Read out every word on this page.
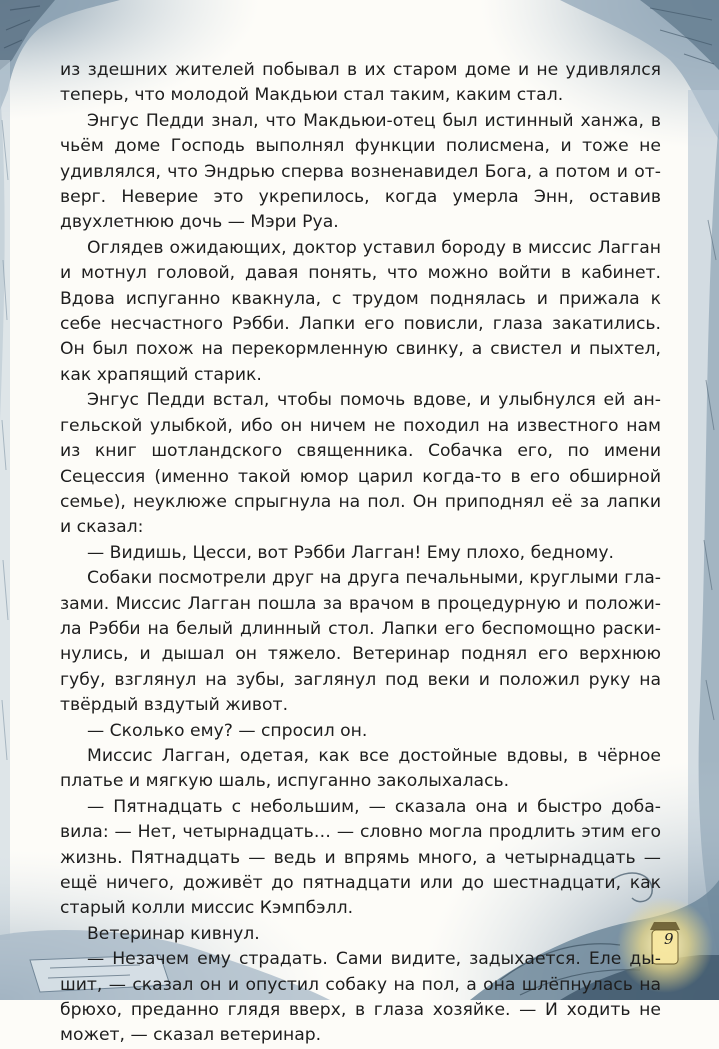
из здешних жителей побывал в их старом доме и не удивлялся теперь, что молодой Макдьюи стал таким, каким стал.

Энгус Педди знал, что Макдьюи-отец был истинный ханжа, в чьём доме Господь выполнял функции полисмена, и тоже не удивлялся, что Эндрью сперва возненавидел Бога, а потом и отверг. Неверие это укрепилось, когда умерла Энн, оставив двухлетнюю дочь — Мэри Руа.

Оглядев ожидающих, доктор уставил бороду в миссис Лагган и мотнул головой, давая понять, что можно войти в кабинет. Вдова испуганно квакнула, с трудом поднялась и прижала к себе несчастного Рэбби. Лапки его повисли, глаза закатились. Он был похож на перекормленную свинку, а свистел и пыхтел, как храпящий старик.

Энгус Педди встал, чтобы помочь вдове, и улыбнулся ей ангельской улыбкой, ибо он ничем не походил на известного нам из книг шотландского священника. Собачка его, по имени Сецессия (именно такой юмор царил когда-то в его обширной семье), неуклюже спрыгнула на пол. Он приподнял её за лапки и сказал:

— Видишь, Цесси, вот Рэбби Лагган! Ему плохо, бедному.

Собаки посмотрели друг на друга печальными, круглыми глазами. Миссис Лагган пошла за врачом в процедурную и положила Рэбби на белый длинный стол. Лапки его беспомощно раскинулись, и дышал он тяжело. Ветеринар поднял его верхнюю губу, взглянул на зубы, заглянул под веки и положил руку на твёрдый вздутый живот.

— Сколько ему? — спросил он.

Миссис Лагган, одетая, как все достойные вдовы, в чёрное платье и мягкую шаль, испуганно заколыхалась.

— Пятнадцать с небольшим, — сказала она и быстро добавила: — Нет, четырнадцать… — словно могла продлить этим его жизнь. Пятнадцать — ведь и впрямь много, а четырнадцать — ещё ничего, доживёт до пятнадцати или до шестнадцати, как старый колли миссис Кэмпбэлл.

Ветеринар кивнул.

— Незачем ему страдать. Сами видите, задыхается. Еле дышит, — сказал он и опустил собаку на пол, а она шлёпнулась на брюхо, преданно глядя вверх, в глаза хозяйке. — И ходить не может, — сказал ветеринар.

9
